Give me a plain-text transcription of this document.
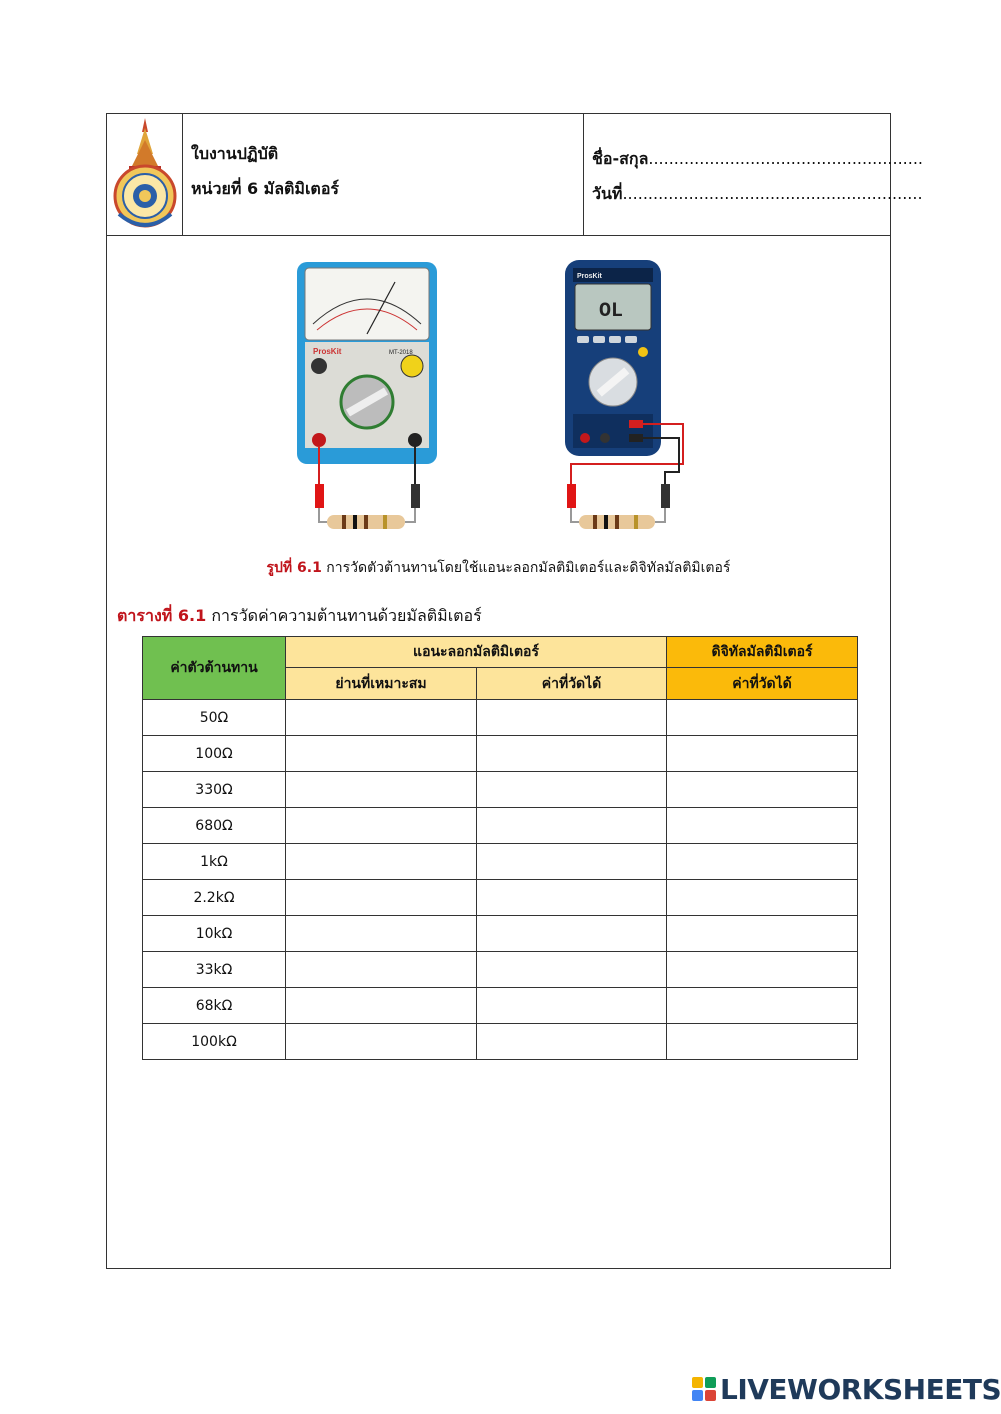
ใบงานปฏิบัติ
หน่วยที่ 6 มัลติมิเตอร์
ชื่อ-สกุล......................................................
วันที่...........................................................
ProsKit	MT-2018
ProsKit
OL
รูปที่ 6.1 การวัดตัวต้านทานโดยใช้แอนะลอกมัลติมิเตอร์และดิจิทัลมัลติมิเตอร์
ตารางที่ 6.1 การวัดค่าความต้านทานด้วยมัลติมิเตอร์
ค่าตัวต้านทาน	แอนะลอกมัลติมิเตอร์		ดิจิทัลมัลติมิเตอร์
	ย่านที่เหมาะสม	ค่าที่วัดได้	ค่าที่วัดได้
50Ω			
100Ω			
330Ω			
680Ω			
1kΩ			
2.2kΩ			
10kΩ			
33kΩ			
68kΩ			
100kΩ			
LIVEWORKSHEETS
